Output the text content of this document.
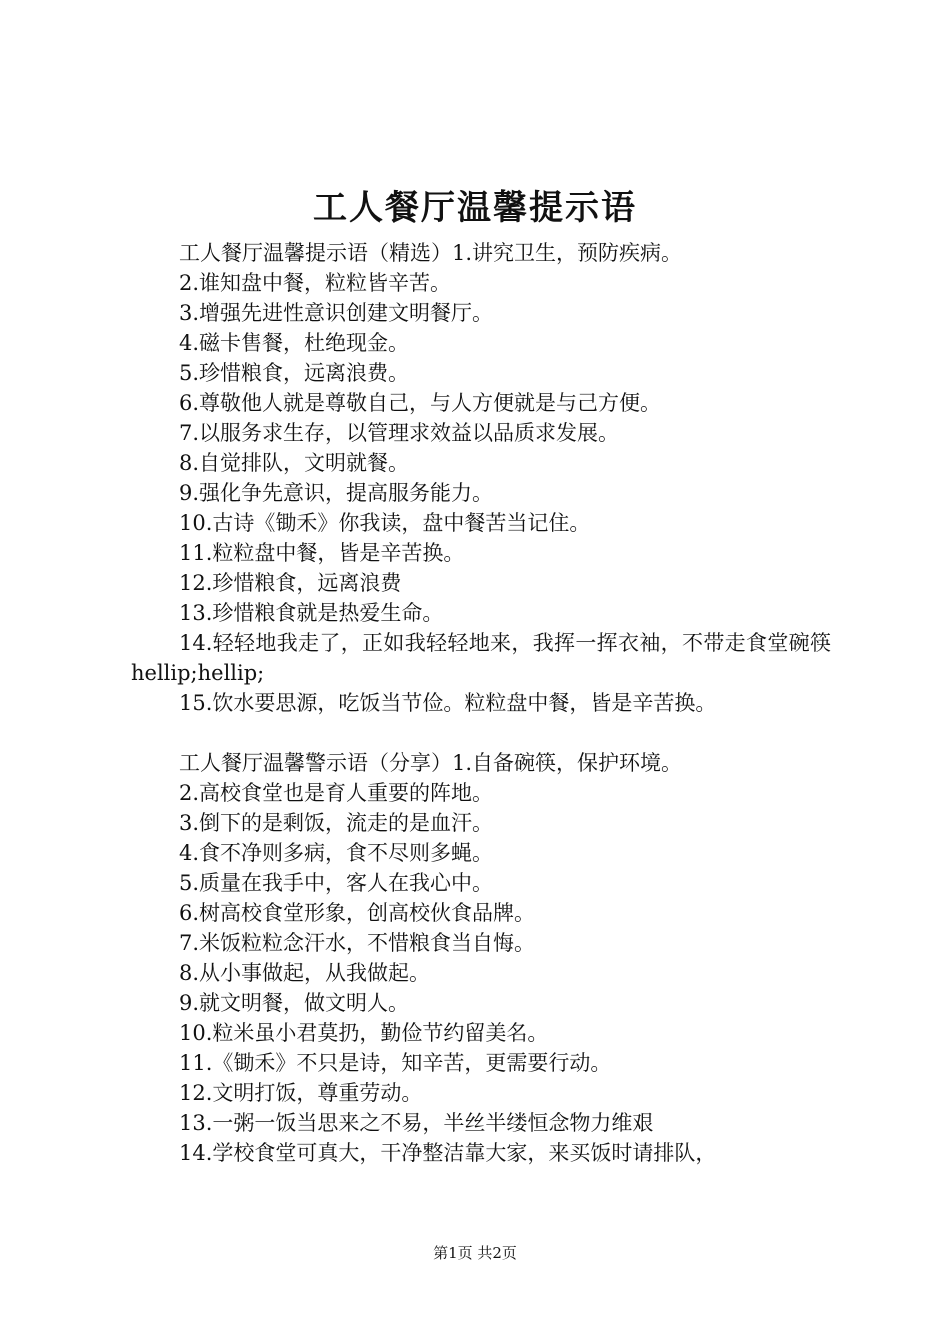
工人餐厅温馨提示语

工人餐厅温馨提示语（精选）1.讲究卫生，预防疾病。

2.谁知盘中餐，粒粒皆辛苦。

3.增强先进性意识创建文明餐厅。

4.磁卡售餐，杜绝现金。

5.珍惜粮食，远离浪费。

6.尊敬他人就是尊敬自己，与人方便就是与己方便。

7.以服务求生存，以管理求效益以品质求发展。

8.自觉排队，文明就餐。

9.强化争先意识，提高服务能力。

10.古诗《锄禾》你我读，盘中餐苦当记住。

11.粒粒盘中餐，皆是辛苦换。

12.珍惜粮食，远离浪费

13.珍惜粮食就是热爱生命。

14.轻轻地我走了，正如我轻轻地来，我挥一挥衣袖，不带走食堂碗筷hellip;hellip;

15.饮水要思源，吃饭当节俭。粒粒盘中餐，皆是辛苦换。

工人餐厅温馨警示语（分享）1.自备碗筷，保护环境。

2.高校食堂也是育人重要的阵地。

3.倒下的是剩饭，流走的是血汗。

4.食不净则多病，食不尽则多蝇。

5.质量在我手中，客人在我心中。

6.树高校食堂形象，创高校伙食品牌。

7.米饭粒粒念汗水，不惜粮食当自悔。

8.从小事做起，从我做起。

9.就文明餐，做文明人。

10.粒米虽小君莫扔，勤俭节约留美名。

11.《锄禾》不只是诗，知辛苦，更需要行动。

12.文明打饭，尊重劳动。

13.一粥一饭当思来之不易，半丝半缕恒念物力维艰

14.学校食堂可真大，干净整洁靠大家，来买饭时请排队，

第1页 共2页
